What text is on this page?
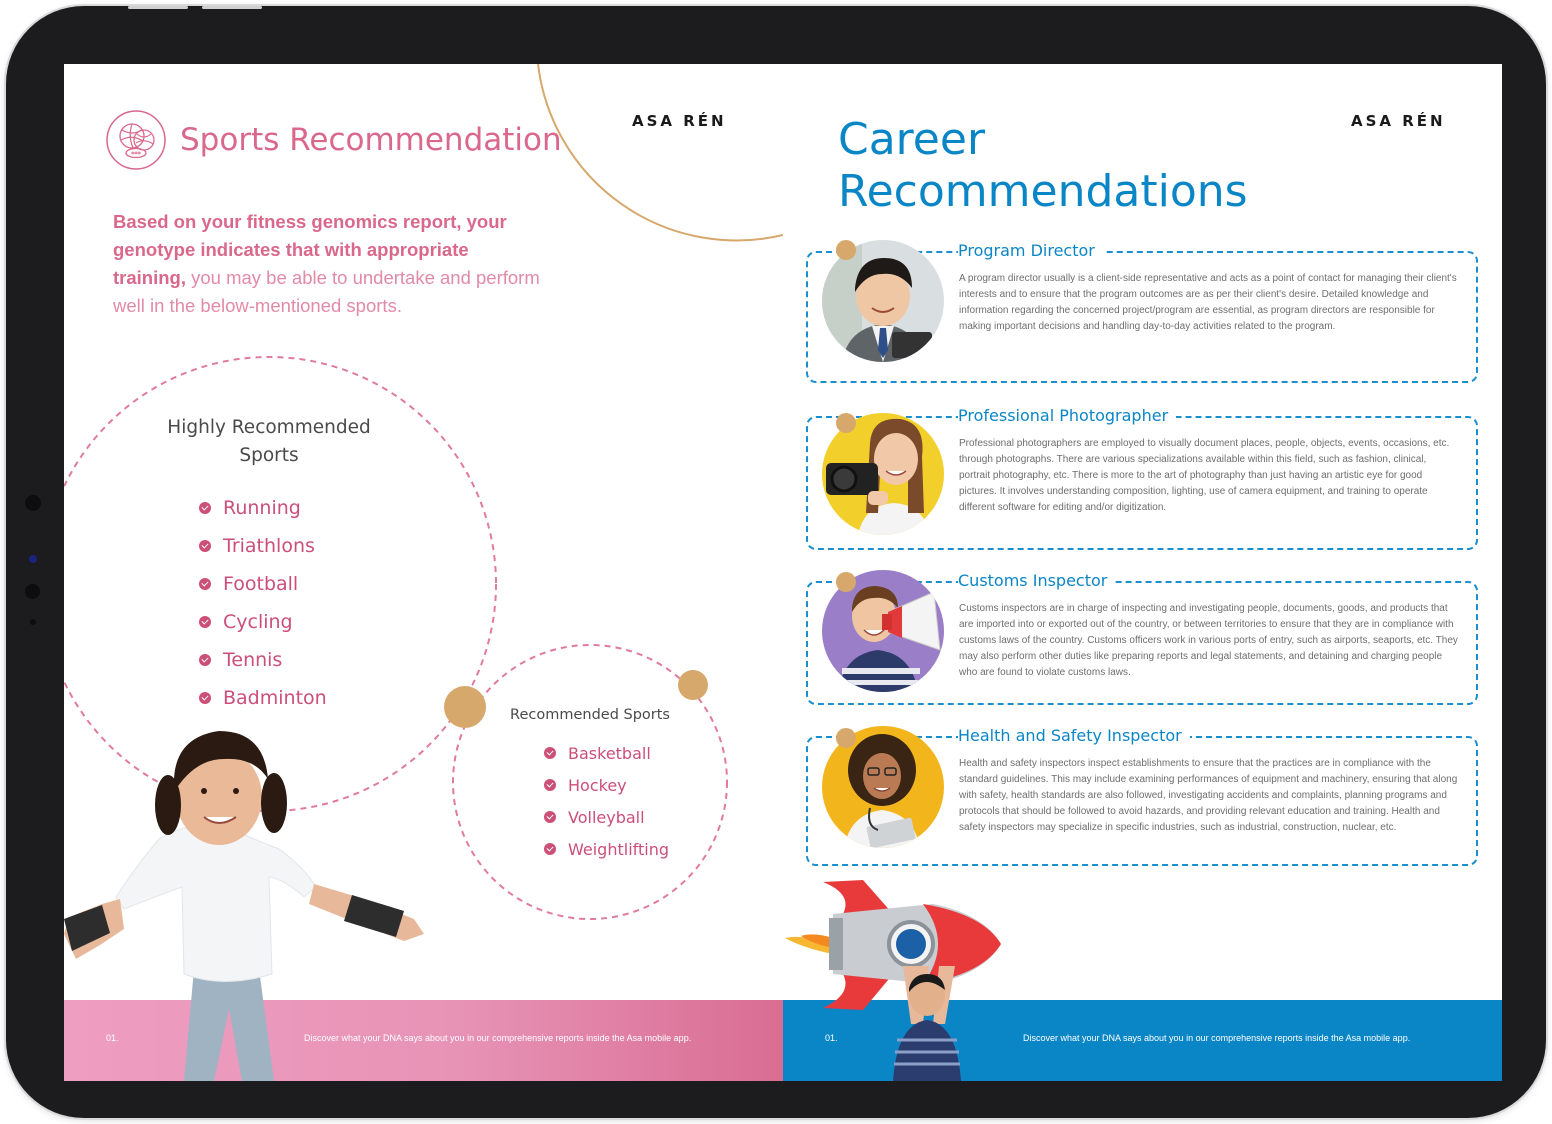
Sports Recommendation
ASA RÉN
Based on your fitness genomics report, your genotype indicates that with appropriate training, you may be able to undertake and perform well in the below-mentioned sports.
Highly Recommended Sports
Running
Triathlons
Football
Cycling
Tennis
Badminton
Recommended Sports
Basketball
Hockey
Volleyball
Weightlifting
01.	Discover what your DNA says about you in our comprehensive reports inside the Asa mobile app.
Career
Recommendations
ASA RÉN
Program Director
A program director usually is a client-side representative and acts as a point of contact for managing their client's interests and to ensure that the program outcomes are as per their client's desire. Detailed knowledge and information regarding the concerned project/program are essential, as program directors are responsible for making important decisions and handling day-to-day activities related to the program.
Professional Photographer
Professional photographers are employed to visually document places, people, objects, events, occasions, etc. through photographs. There are various specializations available within this field, such as fashion, clinical, portrait photography, etc. There is more to the art of photography than just having an artistic eye for good pictures. It involves understanding composition, lighting, use of camera equipment, and training to operate different software for editing and/or digitization.
Customs Inspector
Customs inspectors are in charge of inspecting and investigating people, documents, goods, and products that are imported into or exported out of the country, or between territories to ensure that they are in compliance with customs laws of the country. Customs officers work in various ports of entry, such as airports, seaports, etc. They may also perform other duties like preparing reports and legal statements, and detaining and charging people who are found to violate customs laws.
Health and Safety Inspector
Health and safety inspectors inspect establishments to ensure that the practices are in compliance with the standard guidelines. This may include examining performances of equipment and machinery, ensuring that along with safety, health standards are also followed, investigating accidents and complaints, planning programs and protocols that should be followed to avoid hazards, and providing relevant education and training. Health and safety inspectors may specialize in specific industries, such as industrial, construction, nuclear, etc.
01.	Discover what your DNA says about you in our comprehensive reports inside the Asa mobile app.
